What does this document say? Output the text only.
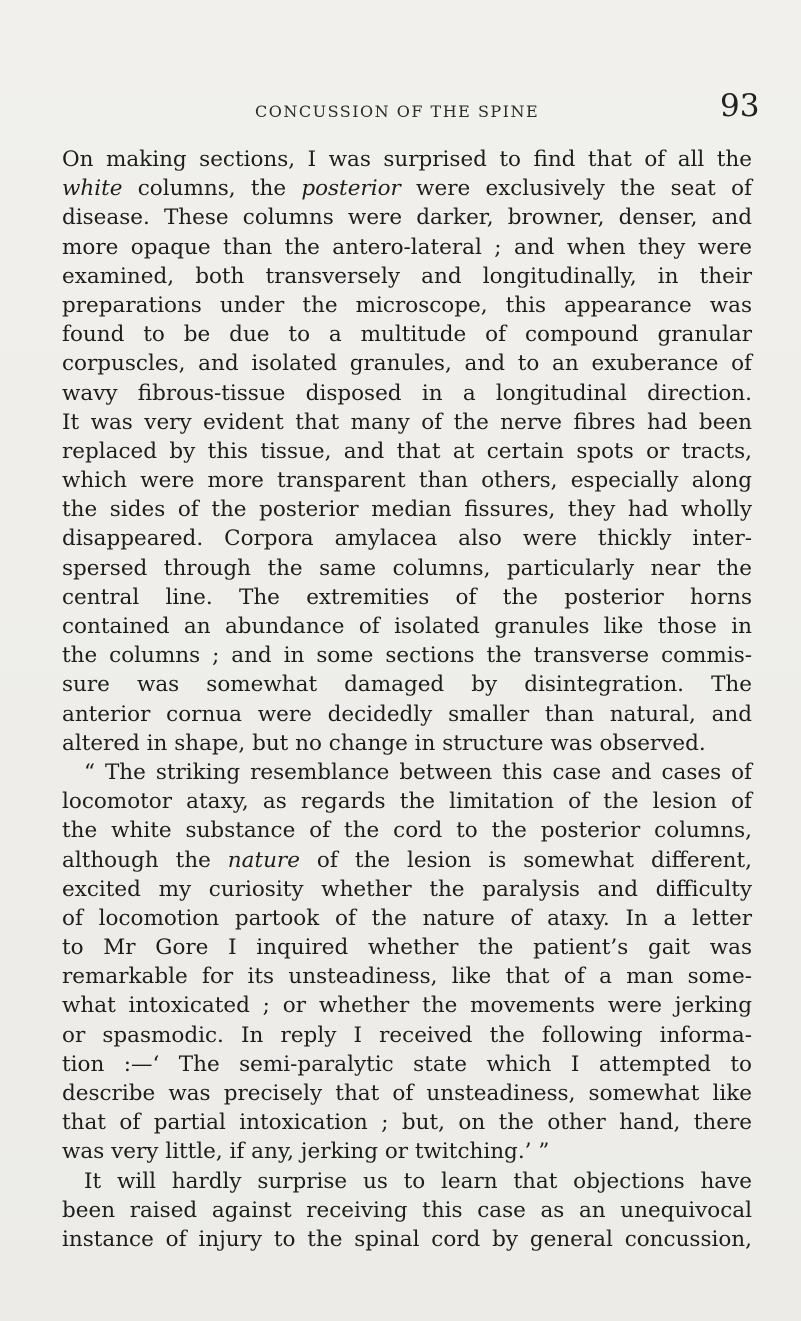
CONCUSSION OF THE SPINE	93
On making sections, I was surprised to find that of all the
white columns, the posterior were exclusively the seat of
disease. These columns were darker, browner, denser, and
more opaque than the antero-lateral ; and when they were
examined, both transversely and longitudinally, in their
preparations under the microscope, this appearance was
found to be due to a multitude of compound granular
corpuscles, and isolated granules, and to an exuberance of
wavy fibrous-tissue disposed in a longitudinal direction.
It was very evident that many of the nerve fibres had been
replaced by this tissue, and that at certain spots or tracts,
which were more transparent than others, especially along
the sides of the posterior median fissures, they had wholly
disappeared. Corpora amylacea also were thickly inter-
spersed through the same columns, particularly near the
central line. The extremities of the posterior horns
contained an abundance of isolated granules like those in
the columns ; and in some sections the transverse commis-
sure was somewhat damaged by disintegration. The
anterior cornua were decidedly smaller than natural, and
altered in shape, but no change in structure was observed.
“ The striking resemblance between this case and cases of
locomotor ataxy, as regards the limitation of the lesion of
the white substance of the cord to the posterior columns,
although the nature of the lesion is somewhat different,
excited my curiosity whether the paralysis and difficulty
of locomotion partook of the nature of ataxy. In a letter
to Mr Gore I inquired whether the patient’s gait was
remarkable for its unsteadiness, like that of a man some-
what intoxicated ; or whether the movements were jerking
or spasmodic. In reply I received the following informa-
tion :—‘ The semi-paralytic state which I attempted to
describe was precisely that of unsteadiness, somewhat like
that of partial intoxication ; but, on the other hand, there
was very little, if any, jerking or twitching.’ ”
It will hardly surprise us to learn that objections have
been raised against receiving this case as an unequivocal
instance of injury to the spinal cord by general concussion,
